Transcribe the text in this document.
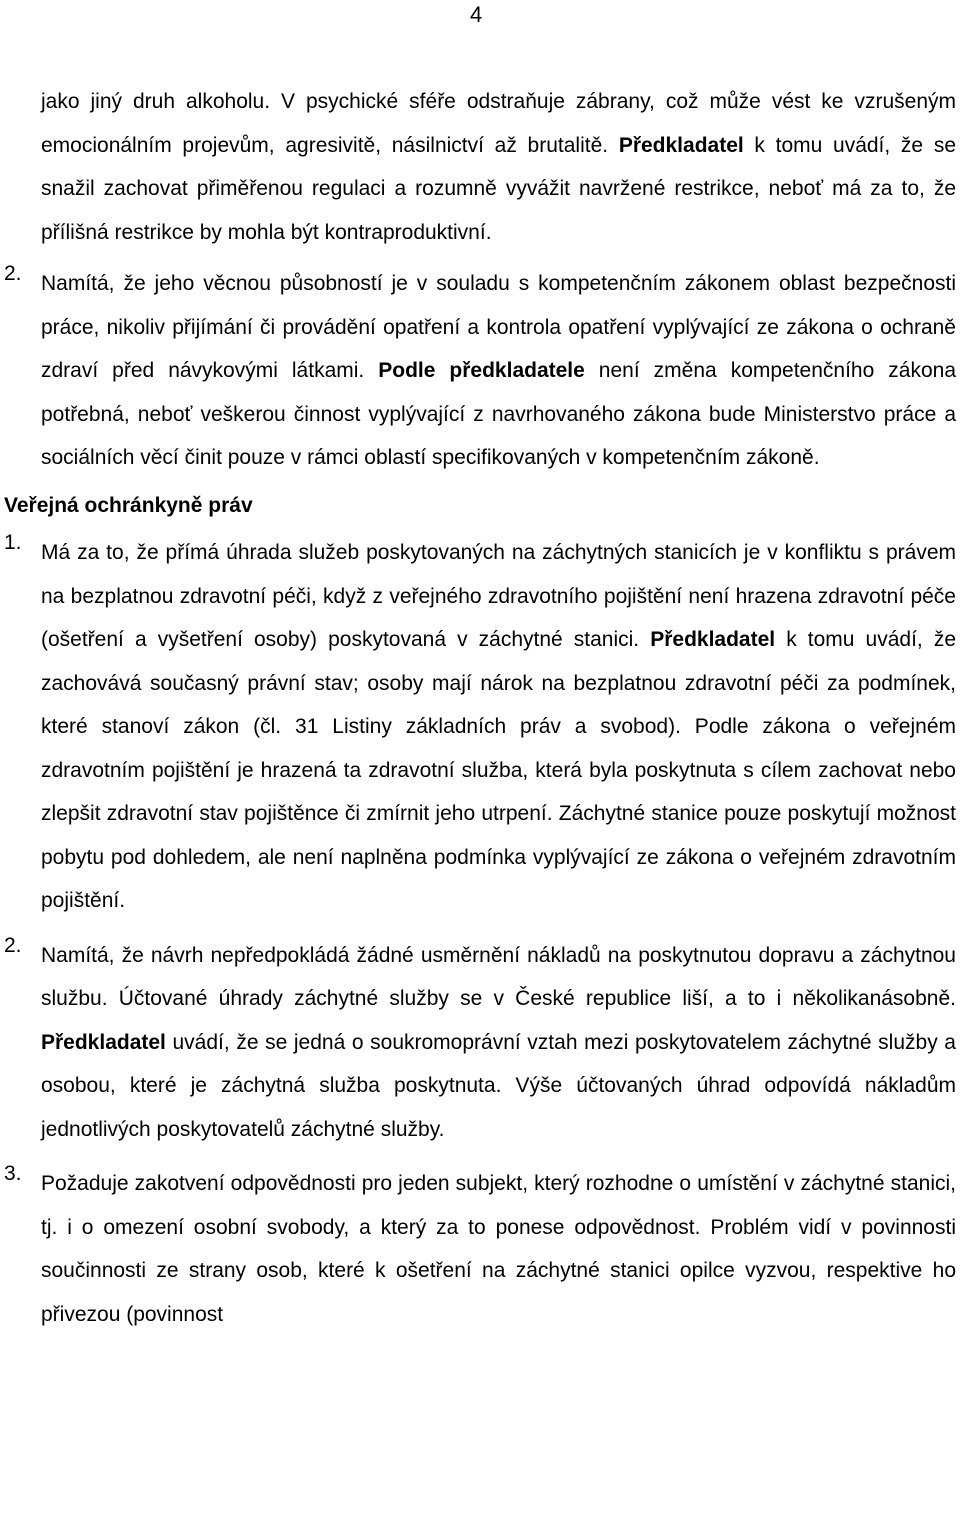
4

jako jiný druh alkoholu. V psychické sféře odstraňuje zábrany, což může vést ke vzrušeným emocionálním projevům, agresivitě, násilnictví až brutalitě. Předkladatel k tomu uvádí, že se snažil zachovat přiměřenou regulaci a rozumně vyvážit navržené restrikce, neboť má za to, že přílišná restrikce by mohla být kontraproduktivní.

2. Namítá, že jeho věcnou působností je v souladu s kompetenčním zákonem oblast bezpečnosti práce, nikoliv přijímání či provádění opatření a kontrola opatření vyplývající ze zákona o ochraně zdraví před návykovými látkami. Podle předkladatele není změna kompetenčního zákona potřebná, neboť veškerou činnost vyplývající z navrhovaného zákona bude Ministerstvo práce a sociálních věcí činit pouze v rámci oblastí specifikovaných v kompetenčním zákoně.

Veřejná ochránkyně práv

1. Má za to, že přímá úhrada služeb poskytovaných na záchytných stanicích je v konfliktu s právem na bezplatnou zdravotní péči, když z veřejného zdravotního pojištění není hrazena zdravotní péče (ošetření a vyšetření osoby) poskytovaná v záchytné stanici. Předkladatel k tomu uvádí, že zachovává současný právní stav; osoby mají nárok na bezplatnou zdravotní péči za podmínek, které stanoví zákon (čl. 31 Listiny základních práv a svobod). Podle zákona o veřejném zdravotním pojištění je hrazená ta zdravotní služba, která byla poskytnuta s cílem zachovat nebo zlepšit zdravotní stav pojištěnce či zmírnit jeho utrpení. Záchytné stanice pouze poskytují možnost pobytu pod dohledem, ale není naplněna podmínka vyplývající ze zákona o veřejném zdravotním pojištění.

2. Namítá, že návrh nepředpokládá žádné usměrnění nákladů na poskytnutou dopravu a záchytnou službu. Účtované úhrady záchytné služby se v České republice liší, a to i několikanásobně. Předkladatel uvádí, že se jedná o soukromoprávní vztah mezi poskytovatelem záchytné služby a osobou, které je záchytná služba poskytnuta. Výše účtovaných úhrad odpovídá nákladům jednotlivých poskytovatelů záchytné služby.

3. Požaduje zakotvení odpovědnosti pro jeden subjekt, který rozhodne o umístění v záchytné stanici, tj. i o omezení osobní svobody, a který za to ponese odpovědnost. Problém vidí v povinnosti součinnosti ze strany osob, které k ošetření na záchytné stanici opilce vyzvou, respektive ho přivezou (povinnost
